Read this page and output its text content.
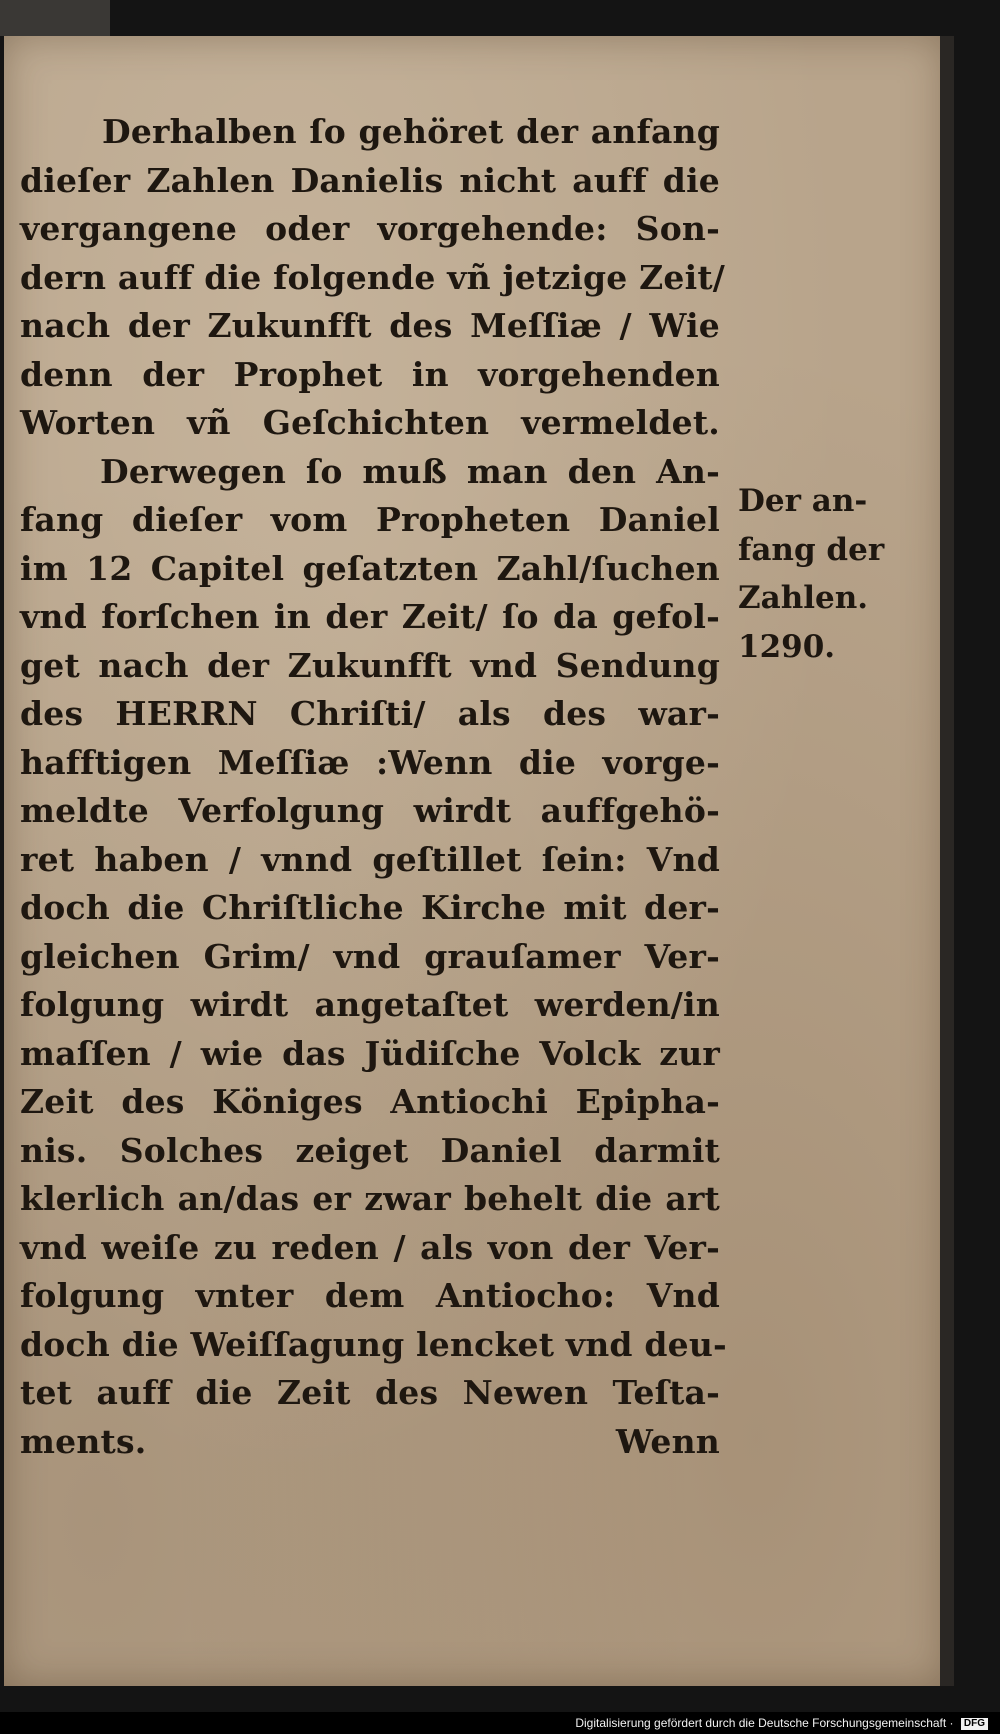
Derhalben ſo gehöret der anfang
dieſer Zahlen Danielis nicht auff die
vergangene oder vorgehende: Son-
dern auff die folgende vñ jetzige Zeit/
nach der Zukunfft des Meſſiæ / Wie
denn der Prophet in vorgehenden
Worten vñ Geſchichten vermeldet.
Derwegen ſo muß man den An-
fang dieſer vom Propheten Daniel
im 12 Capitel geſatzten Zahl/ſuchen
vnd forſchen in der Zeit/ ſo da gefol-
get nach der Zukunfft vnd Sendung
des HERRN Chriſti/ als des war-
hafftigen Meſſiæ :Wenn die vorge-
meldte Verfolgung wirdt auffgehö-
ret haben / vnnd geſtillet ſein: Vnd
doch die Chriſtliche Kirche mit der-
gleichen Grim/ vnd grauſamer Ver-
folgung wirdt angetaſtet werden/in
maſſen / wie das Jüdiſche Volck zur
Zeit des Königes Antiochi Epipha-
nis. Solches zeiget Daniel darmit
klerlich an/das er zwar behelt die art
vnd weiſe zu reden / als von der Ver-
folgung vnter dem Antiocho: Vnd
doch die Weiſſagung lencket vnd deu-
tet auff die Zeit des Newen Teſta-
ments.	Wenn
Der an-
fang der
Zahlen.
1290.
Digitalisierung gefördert durch die Deutsche Forschungsgemeinschaft · DFG
